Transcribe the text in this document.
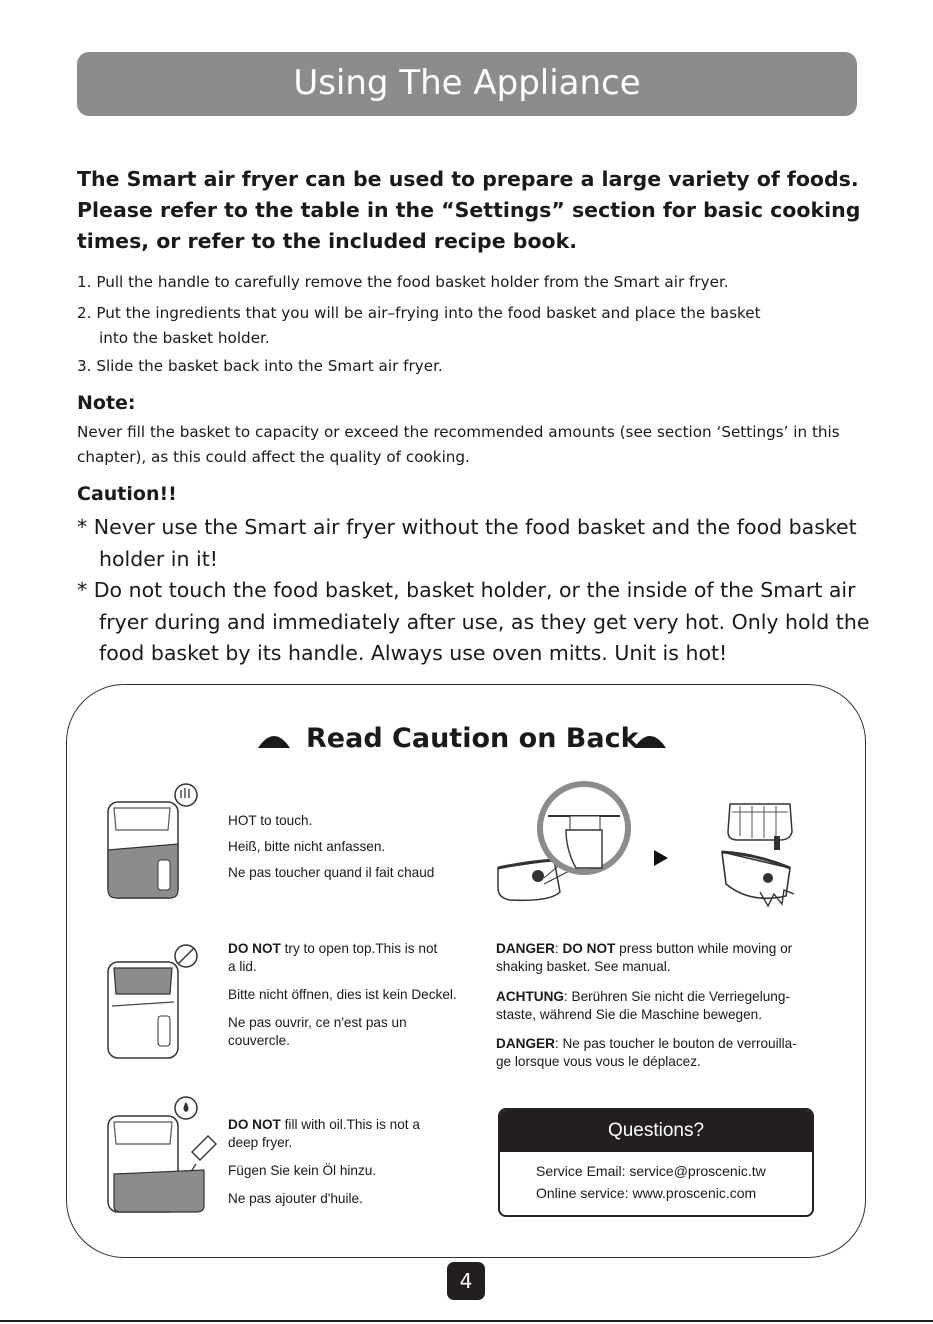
Using The Appliance
The Smart air fryer can be used to prepare a large variety of foods. Please refer to the table in the “Settings” section for basic cooking times, or refer to the included recipe book.
1. Pull the handle to carefully remove the food basket holder from the Smart air fryer.
2. Put the ingredients that you will be air–frying into the food basket and place the basket
into the basket holder.
3. Slide the basket back into the Smart air fryer.
Note:
Never fill the basket to capacity or exceed the recommended amounts (see section ‘Settings’ in this chapter), as this could affect the quality of cooking.
Caution!!
* Never use the Smart air fryer without the food basket and the food basket
holder in it!
* Do not touch the food basket, basket holder, or the inside of the Smart air
fryer during and immediately after use, as they get very hot. Only hold the
food basket by its handle. Always use oven mitts. Unit is hot!
Read Caution on Back
HOT to touch.
Heiß, bitte nicht anfassen.
Ne pas toucher quand il fait chaud
DO NOT try to open top.This is not
a lid.
Bitte nicht öffnen, dies ist kein Deckel.
Ne pas ouvrir, ce n'est pas un
couvercle.
DO NOT fill with oil.This is not a
deep fryer.
Fügen Sie kein Öl hinzu.
Ne pas ajouter d'huile.
DANGER: DO NOT press button while moving or
shaking basket. See manual.
ACHTUNG: Berühren Sie nicht die Verriegelung-
staste, während Sie die Maschine bewegen.
DANGER: Ne pas toucher le bouton de verrouilla-
ge lorsque vous vous le déplacez.
Questions?
Service Email: service@proscenic.tw
Online service: www.proscenic.com
4
